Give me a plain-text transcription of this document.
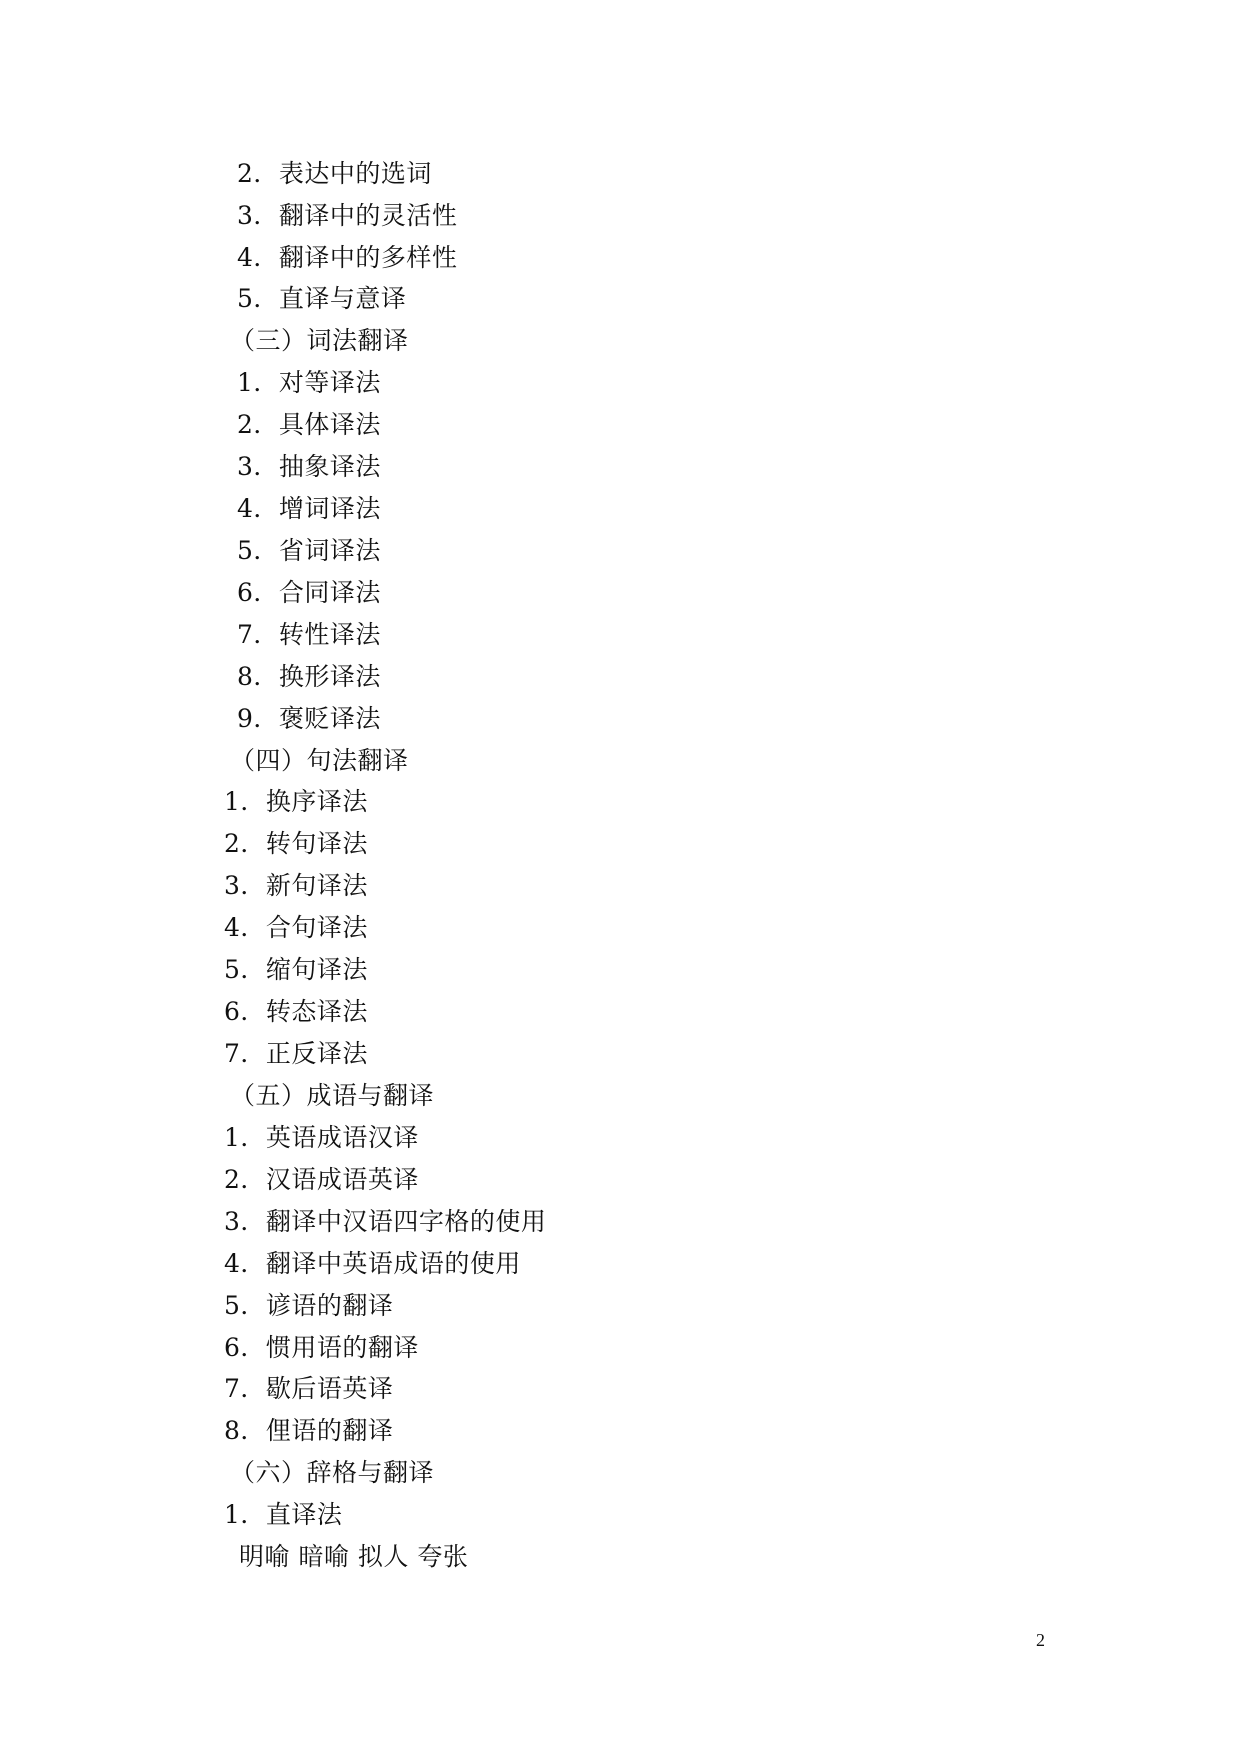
2．表达中的选词
3．翻译中的灵活性
4．翻译中的多样性
5．直译与意译
（三）词法翻译
1．对等译法
2．具体译法
3．抽象译法
4．增词译法
5．省词译法
6．合同译法
7．转性译法
8．换形译法
9．褒贬译法
（四）句法翻译
1．换序译法
2．转句译法
3．新句译法
4．合句译法
5．缩句译法
6．转态译法
7．正反译法
（五）成语与翻译
1．英语成语汉译
2．汉语成语英译
3．翻译中汉语四字格的使用
4．翻译中英语成语的使用
5．谚语的翻译
6．惯用语的翻译
7．歇后语英译
8．俚语的翻译
（六）辞格与翻译
1．直译法
明喻 暗喻 拟人 夸张
2
